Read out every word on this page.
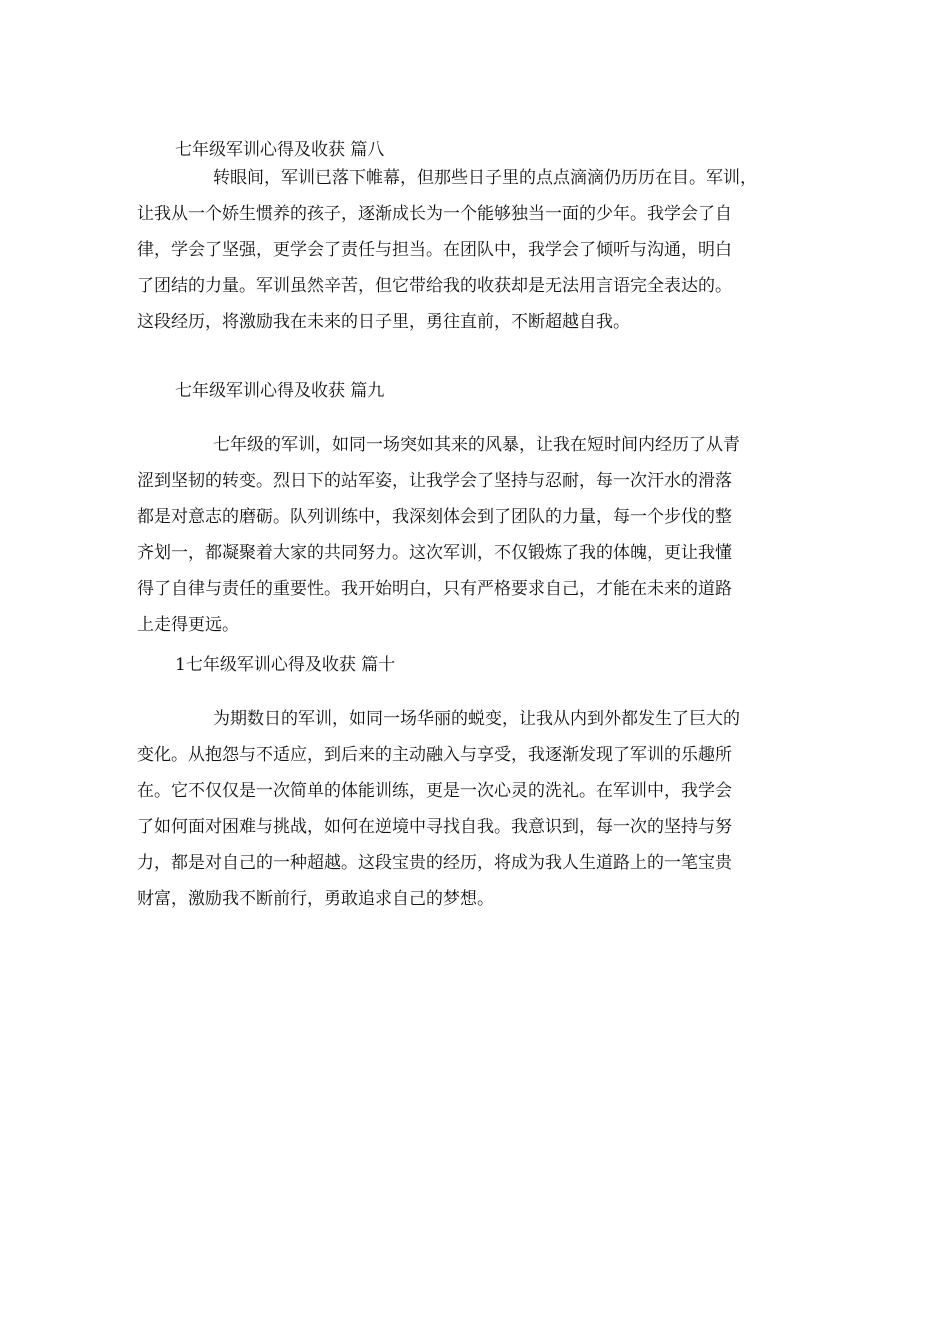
七年级军训心得及收获 篇八
转眼间，军训已落下帷幕，但那些日子里的点点滴滴仍历历在目。军训，
让我从一个娇生惯养的孩子，逐渐成长为一个能够独当一面的少年。我学会了自
律，学会了坚强，更学会了责任与担当。在团队中，我学会了倾听与沟通，明白
了团结的力量。军训虽然辛苦，但它带给我的收获却是无法用言语完全表达的。
这段经历，将激励我在未来的日子里，勇往直前，不断超越自我。
七年级军训心得及收获 篇九
七年级的军训，如同一场突如其来的风暴，让我在短时间内经历了从青
涩到坚韧的转变。烈日下的站军姿，让我学会了坚持与忍耐，每一次汗水的滑落
都是对意志的磨砺。队列训练中，我深刻体会到了团队的力量，每一个步伐的整
齐划一，都凝聚着大家的共同努力。这次军训，不仅锻炼了我的体魄，更让我懂
得了自律与责任的重要性。我开始明白，只有严格要求自己，才能在未来的道路
上走得更远。
1七年级军训心得及收获 篇十
为期数日的军训，如同一场华丽的蜕变，让我从内到外都发生了巨大的
变化。从抱怨与不适应，到后来的主动融入与享受，我逐渐发现了军训的乐趣所
在。它不仅仅是一次简单的体能训练，更是一次心灵的洗礼。在军训中，我学会
了如何面对困难与挑战，如何在逆境中寻找自我。我意识到，每一次的坚持与努
力，都是对自己的一种超越。这段宝贵的经历，将成为我人生道路上的一笔宝贵
财富，激励我不断前行，勇敢追求自己的梦想。
